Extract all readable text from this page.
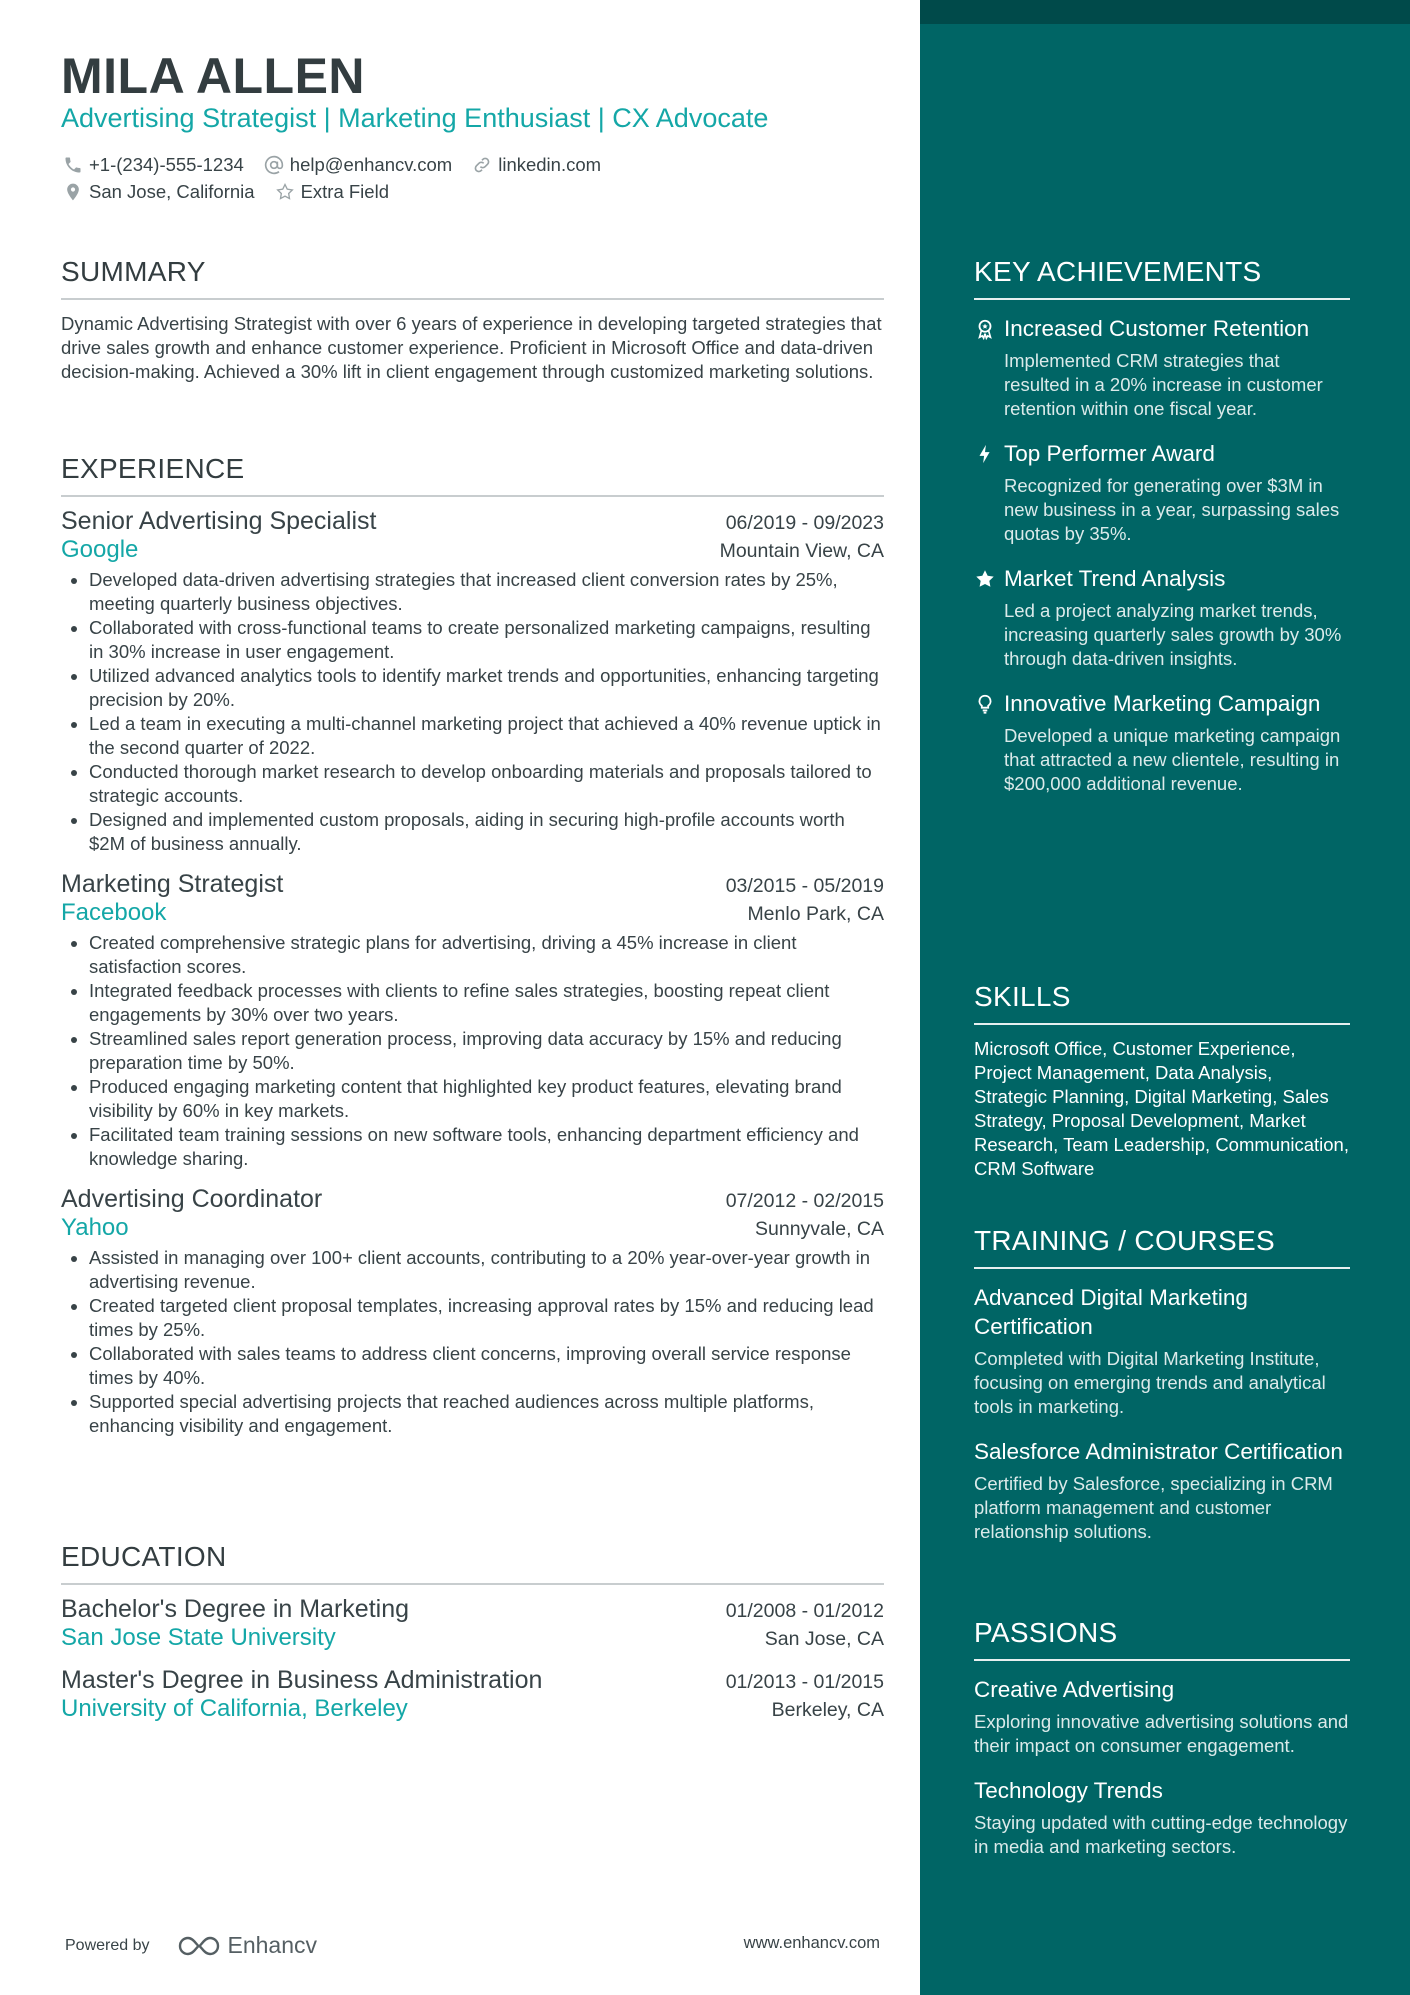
MILA ALLEN
Advertising Strategist | Marketing Enthusiast | CX Advocate
+1-(234)-555-1234 help@enhancv.com linkedin.com
San Jose, California Extra Field
SUMMARY
Dynamic Advertising Strategist with over 6 years of experience in developing targeted strategies that drive sales growth and enhance customer experience. Proficient in Microsoft Office and data-driven decision-making. Achieved a 30% lift in client engagement through customized marketing solutions.
EXPERIENCE
Senior Advertising Specialist	06/2019 - 09/2023
Google	Mountain View, CA
• Developed data-driven advertising strategies that increased client conversion rates by 25%, meeting quarterly business objectives.
• Collaborated with cross-functional teams to create personalized marketing campaigns, resulting in 30% increase in user engagement.
• Utilized advanced analytics tools to identify market trends and opportunities, enhancing targeting precision by 20%.
• Led a team in executing a multi-channel marketing project that achieved a 40% revenue uptick in the second quarter of 2022.
• Conducted thorough market research to develop onboarding materials and proposals tailored to strategic accounts.
• Designed and implemented custom proposals, aiding in securing high-profile accounts worth $2M of business annually.
Marketing Strategist	03/2015 - 05/2019
Facebook	Menlo Park, CA
• Created comprehensive strategic plans for advertising, driving a 45% increase in client satisfaction scores.
• Integrated feedback processes with clients to refine sales strategies, boosting repeat client engagements by 30% over two years.
• Streamlined sales report generation process, improving data accuracy by 15% and reducing preparation time by 50%.
• Produced engaging marketing content that highlighted key product features, elevating brand visibility by 60% in key markets.
• Facilitated team training sessions on new software tools, enhancing department efficiency and knowledge sharing.
Advertising Coordinator	07/2012 - 02/2015
Yahoo	Sunnyvale, CA
• Assisted in managing over 100+ client accounts, contributing to a 20% year-over-year growth in advertising revenue.
• Created targeted client proposal templates, increasing approval rates by 15% and reducing lead times by 25%.
• Collaborated with sales teams to address client concerns, improving overall service response times by 40%.
• Supported special advertising projects that reached audiences across multiple platforms, enhancing visibility and engagement.
EDUCATION
Bachelor's Degree in Marketing	01/2008 - 01/2012
San Jose State University	San Jose, CA
Master's Degree in Business Administration	01/2013 - 01/2015
University of California, Berkeley	Berkeley, CA
Powered by	Enhancv	www.enhancv.com
KEY ACHIEVEMENTS
Increased Customer Retention
Implemented CRM strategies that resulted in a 20% increase in customer retention within one fiscal year.
Top Performer Award
Recognized for generating over $3M in new business in a year, surpassing sales quotas by 35%.
Market Trend Analysis
Led a project analyzing market trends, increasing quarterly sales growth by 30% through data-driven insights.
Innovative Marketing Campaign
Developed a unique marketing campaign that attracted a new clientele, resulting in $200,000 additional revenue.
SKILLS
Microsoft Office, Customer Experience, Project Management, Data Analysis, Strategic Planning, Digital Marketing, Sales Strategy, Proposal Development, Market Research, Team Leadership, Communication, CRM Software
TRAINING / COURSES
Advanced Digital Marketing Certification
Completed with Digital Marketing Institute, focusing on emerging trends and analytical tools in marketing.
Salesforce Administrator Certification
Certified by Salesforce, specializing in CRM platform management and customer relationship solutions.
PASSIONS
Creative Advertising
Exploring innovative advertising solutions and their impact on consumer engagement.
Technology Trends
Staying updated with cutting-edge technology in media and marketing sectors.
